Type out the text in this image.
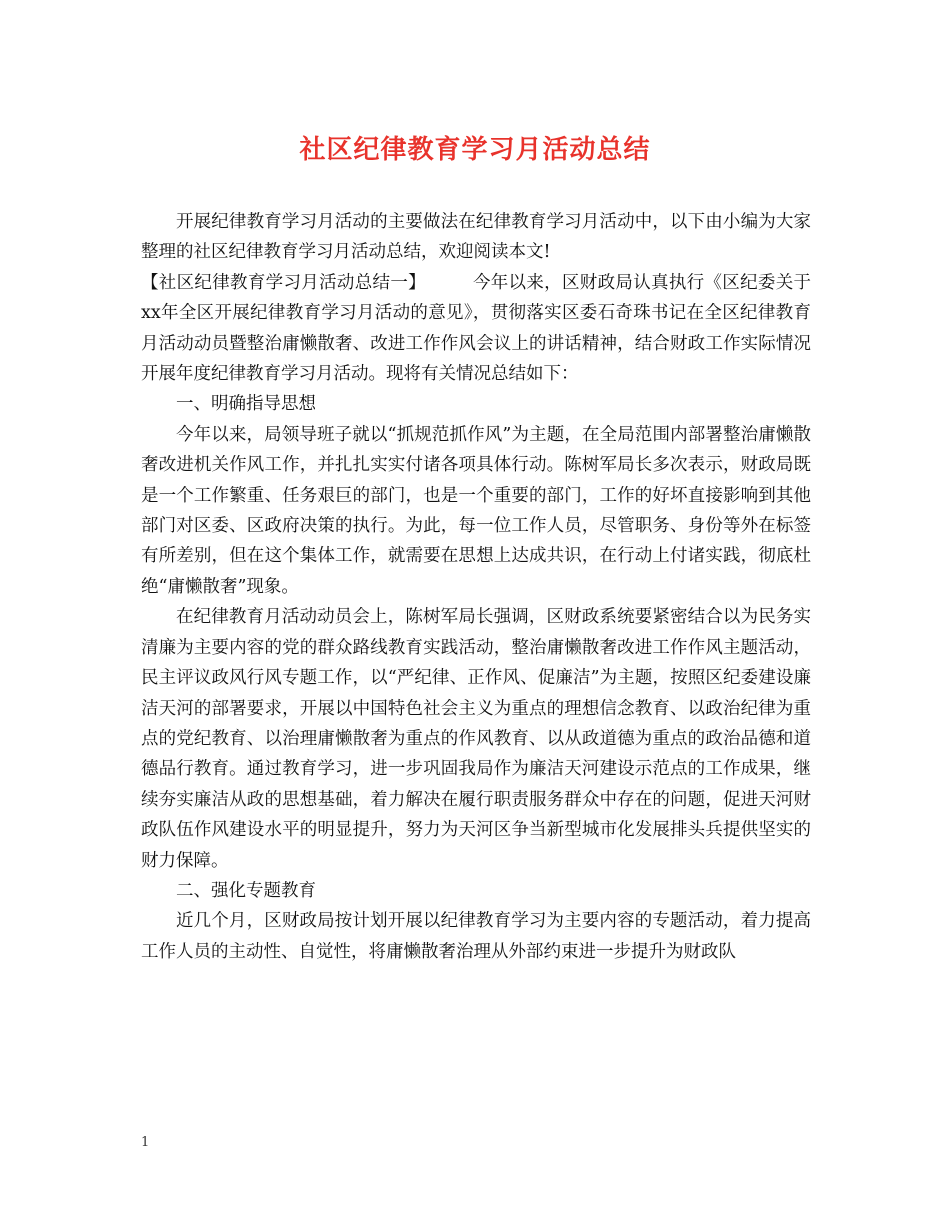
社区纪律教育学习月活动总结

开展纪律教育学习月活动的主要做法在纪律教育学习月活动中，以下由小编为大家整理的社区纪律教育学习月活动总结，欢迎阅读本文!

【社区纪律教育学习月活动总结一】	今年以来，区财政局认真执行《区纪委关于xx年全区开展纪律教育学习月活动的意见》，贯彻落实区委石奇珠书记在全区纪律教育月活动动员暨整治庸懒散奢、改进工作作风会议上的讲话精神，结合财政工作实际情况开展年度纪律教育学习月活动。现将有关情况总结如下：

一、明确指导思想

今年以来，局领导班子就以“抓规范抓作风”为主题，在全局范围内部署整治庸懒散奢改进机关作风工作，并扎扎实实付诸各项具体行动。陈树军局长多次表示，财政局既是一个工作繁重、任务艰巨的部门，也是一个重要的部门，工作的好坏直接影响到其他部门对区委、区政府决策的执行。为此，每一位工作人员，尽管职务、身份等外在标签有所差别，但在这个集体工作，就需要在思想上达成共识，在行动上付诸实践，彻底杜绝“庸懒散奢”现象。

在纪律教育月活动动员会上，陈树军局长强调，区财政系统要紧密结合以为民务实清廉为主要内容的党的群众路线教育实践活动，整治庸懒散奢改进工作作风主题活动，民主评议政风行风专题工作，以“严纪律、正作风、促廉洁”为主题，按照区纪委建设廉洁天河的部署要求，开展以中国特色社会主义为重点的理想信念教育、以政治纪律为重点的党纪教育、以治理庸懒散奢为重点的作风教育、以从政道德为重点的政治品德和道德品行教育。通过教育学习，进一步巩固我局作为廉洁天河建设示范点的工作成果，继续夯实廉洁从政的思想基础，着力解决在履行职责服务群众中存在的问题，促进天河财政队伍作风建设水平的明显提升，努力为天河区争当新型城市化发展排头兵提供坚实的财力保障。

二、强化专题教育

近几个月，区财政局按计划开展以纪律教育学习为主要内容的专题活动，着力提高工作人员的主动性、自觉性，将庸懒散奢治理从外部约束进一步提升为财政队

1
